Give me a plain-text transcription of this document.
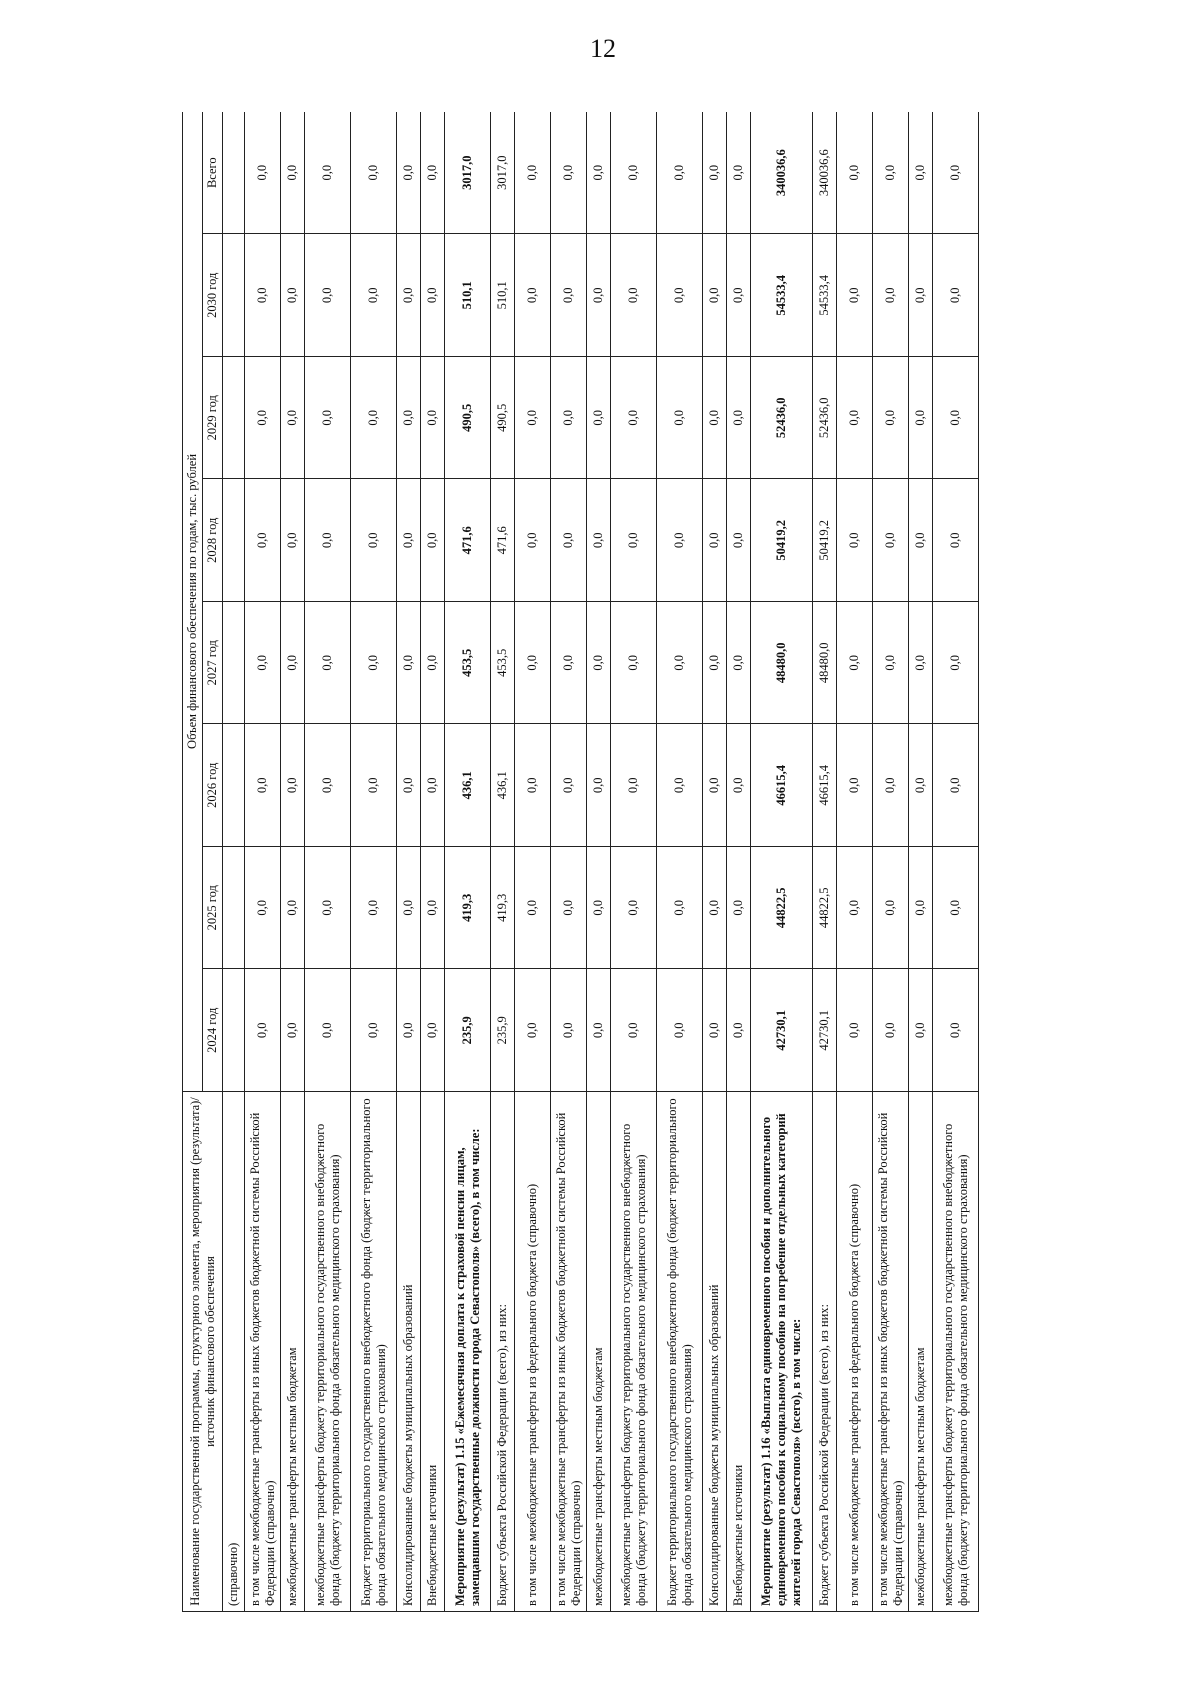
12
Наименование государственной программы, структурного элемента, мероприятия (результата)/источник финансового обеспечения	Объем финансового обеспечения по годам, тыс. рублей							
	2024 год	2025 год	2026 год	2027 год	2028 год	2029 год	2030 год	Всего
(справочно)								
в том числе межбюджетные трансферты из иных бюджетов бюджетной системы Российской Федерации (справочно)	0,0	0,0	0,0	0,0	0,0	0,0	0,0	0,0
межбюджетные трансферты местным бюджетам	0,0	0,0	0,0	0,0	0,0	0,0	0,0	0,0
межбюджетные трансферты бюджету территориального государственного внебюджетного фонда (бюджету территориального фонда обязательного медицинского страхования)	0,0	0,0	0,0	0,0	0,0	0,0	0,0	0,0
Бюджет территориального государственного внебюджетного фонда (бюджет территориального фонда обязательного медицинского страхования)	0,0	0,0	0,0	0,0	0,0	0,0	0,0	0,0
Консолидированные бюджеты муниципальных образований	0,0	0,0	0,0	0,0	0,0	0,0	0,0	0,0
Внебюджетные источники	0,0	0,0	0,0	0,0	0,0	0,0	0,0	0,0
Мероприятие (результат) 1.15 «Ежемесячная доплата к страховой пенсии лицам, замещавшим государственные должности города Севастополя» (всего), в том числе:	235,9	419,3	436,1	453,5	471,6	490,5	510,1	3017,0
Бюджет субъекта Российской Федерации (всего), из них:	235,9	419,3	436,1	453,5	471,6	490,5	510,1	3017,0
в том числе межбюджетные трансферты из федерального бюджета (справочно)	0,0	0,0	0,0	0,0	0,0	0,0	0,0	0,0
в том числе межбюджетные трансферты из иных бюджетов бюджетной системы Российской Федерации (справочно)	0,0	0,0	0,0	0,0	0,0	0,0	0,0	0,0
межбюджетные трансферты местным бюджетам	0,0	0,0	0,0	0,0	0,0	0,0	0,0	0,0
межбюджетные трансферты бюджету территориального государственного внебюджетного фонда (бюджету территориального фонда обязательного медицинского страхования)	0,0	0,0	0,0	0,0	0,0	0,0	0,0	0,0
Бюджет территориального государственного внебюджетного фонда (бюджет территориального фонда обязательного медицинского страхования)	0,0	0,0	0,0	0,0	0,0	0,0	0,0	0,0
Консолидированные бюджеты муниципальных образований	0,0	0,0	0,0	0,0	0,0	0,0	0,0	0,0
Внебюджетные источники	0,0	0,0	0,0	0,0	0,0	0,0	0,0	0,0
Мероприятие (результат) 1.16 «Выплата единовременного пособия и дополнительного единовременного пособия к социальному пособию на погребение отдельных категорий жителей города Севастополя» (всего), в том числе:	42730,1	44822,5	46615,4	48480,0	50419,2	52436,0	54533,4	340036,6
Бюджет субъекта Российской Федерации (всего), из них:	42730,1	44822,5	46615,4	48480,0	50419,2	52436,0	54533,4	340036,6
в том числе межбюджетные трансферты из федерального бюджета (справочно)	0,0	0,0	0,0	0,0	0,0	0,0	0,0	0,0
в том числе межбюджетные трансферты из иных бюджетов бюджетной системы Российской Федерации (справочно)	0,0	0,0	0,0	0,0	0,0	0,0	0,0	0,0
межбюджетные трансферты местным бюджетам	0,0	0,0	0,0	0,0	0,0	0,0	0,0	0,0
межбюджетные трансферты бюджету территориального государственного внебюджетного фонда (бюджету территориального фонда обязательного медицинского страхования)	0,0	0,0	0,0	0,0	0,0	0,0	0,0	0,0
